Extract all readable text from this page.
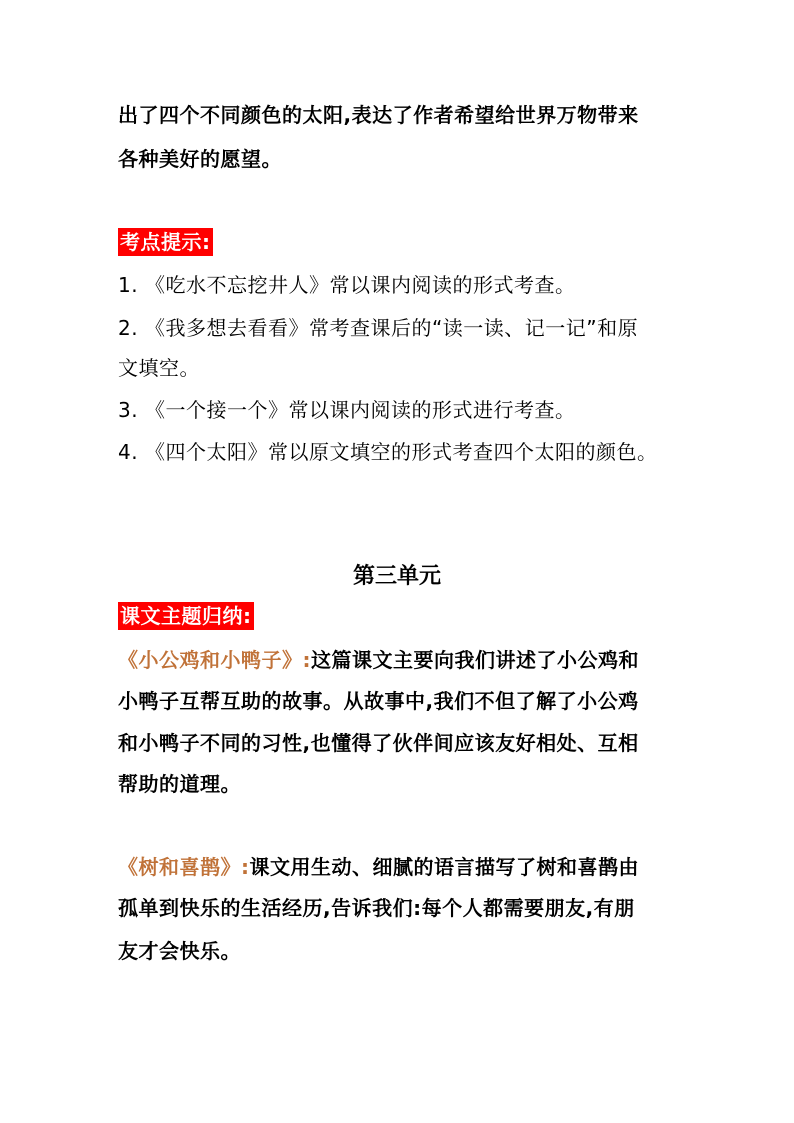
出了四个不同颜色的太阳,表达了作者希望给世界万物带来
各种美好的愿望。
考点提示:
1. 《吃水不忘挖井人》常以课内阅读的形式考查。
2. 《我多想去看看》常考查课后的“读一读、记一记”和原
文填空。
3. 《一个接一个》常以课内阅读的形式进行考查。
4. 《四个太阳》常以原文填空的形式考查四个太阳的颜色。
第三单元
课文主题归纳:
《小公鸡和小鸭子》:这篇课文主要向我们讲述了小公鸡和
小鸭子互帮互助的故事。从故事中,我们不但了解了小公鸡
和小鸭子不同的习性,也懂得了伙伴间应该友好相处、互相
帮助的道理。
《树和喜鹊》:课文用生动、细腻的语言描写了树和喜鹊由
孤单到快乐的生活经历,告诉我们:每个人都需要朋友,有朋
友才会快乐。
